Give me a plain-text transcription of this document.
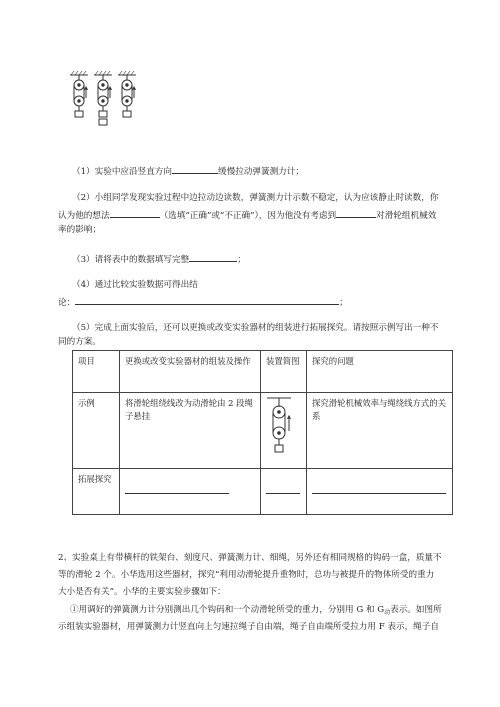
（1）实验中应沿竖直方向	缓慢拉动弹簧测力计；
（2）小组同学发现实验过程中边拉动边读数，弹簧测力计示数不稳定，认为应该静止时读数，你
认为他的想法	（选填“正确”或“不正确”），因为他没有考虑到	对滑轮组机械效
率的影响；
（3）请将表中的数据填写完整	；
（4）通过比较实验数据可得出结
论：	；
（5）完成上面实验后，还可以更换或改变实验器材的组装进行拓展探究。请按照示例写出一种不
同的方案。
项目	更换或改变实验器材的组装及操作	装置简图	探究的问题
示例	将滑轮组绕线改为动滑轮由 2 段绳子悬挂		探究滑轮机械效率与绳绕线方式的关系
拓展探究			
2、实验桌上有带横杆的铁架台、刻度尺、弹簧测力计、细绳，另外还有相同规格的钩码一盒，质量不
等的滑轮 2 个。小华选用这些器材，探究“利用动滑轮提升重物时，总功与被提升的物体所受的重力
大小是否有关”。小华的主要实验步骤如下：
①用调好的弹簧测力计分别测出几个钩码和一个动滑轮所受的重力，分别用 G 和 $G_动$表示。如图所
示组装实验器材，用弹簧测力计竖直向上匀速拉绳子自由端，绳子自由端所受拉力用 F 表示，绳子自
